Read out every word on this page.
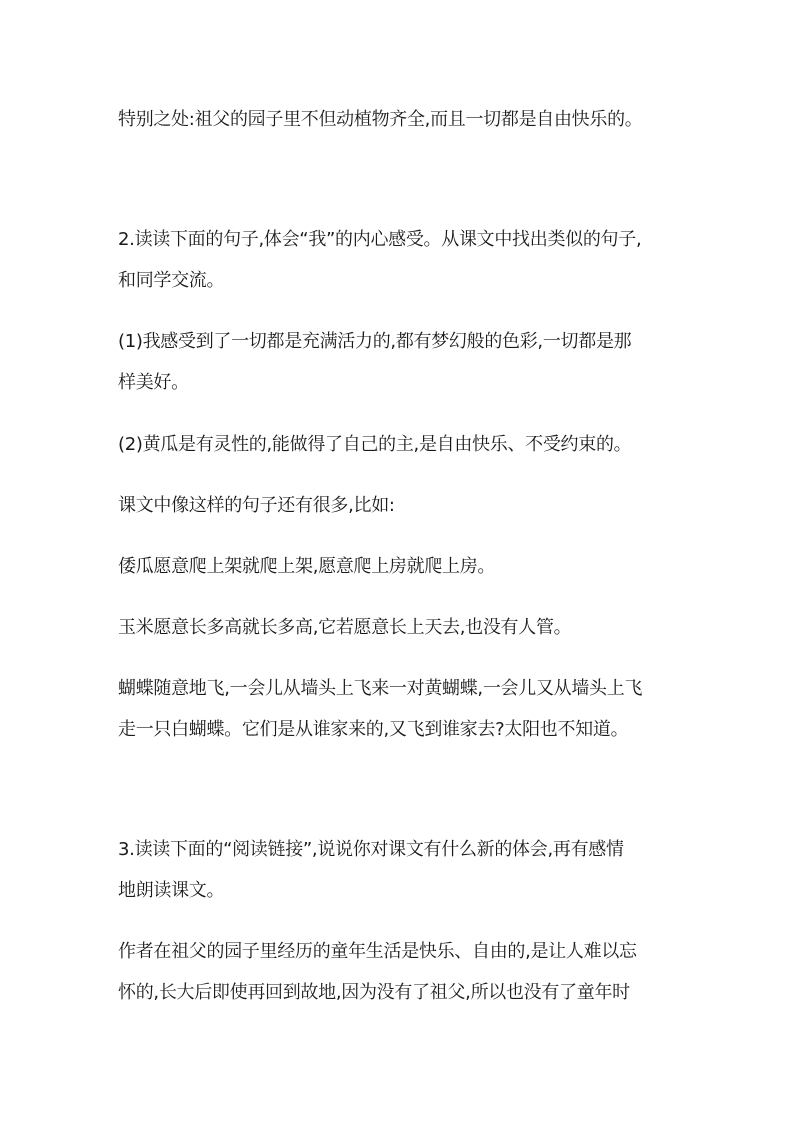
特别之处:祖父的园子里不但动植物齐全,而且一切都是自由快乐的。
2.读读下面的句子,体会“我”的内心感受。从课文中找出类似的句子,
和同学交流。
(1)我感受到了一切都是充满活力的,都有梦幻般的色彩,一切都是那
样美好。
(2)黄瓜是有灵性的,能做得了自己的主,是自由快乐、不受约束的。
课文中像这样的句子还有很多,比如:
倭瓜愿意爬上架就爬上架,愿意爬上房就爬上房。
玉米愿意长多高就长多高,它若愿意长上天去,也没有人管。
蝴蝶随意地飞,一会儿从墙头上飞来一对黄蝴蝶,一会儿又从墙头上飞
走一只白蝴蝶。它们是从谁家来的,又飞到谁家去?太阳也不知道。
3.读读下面的“阅读链接”,说说你对课文有什么新的体会,再有感情
地朗读课文。
作者在祖父的园子里经历的童年生活是快乐、自由的,是让人难以忘
怀的,长大后即使再回到故地,因为没有了祖父,所以也没有了童年时
